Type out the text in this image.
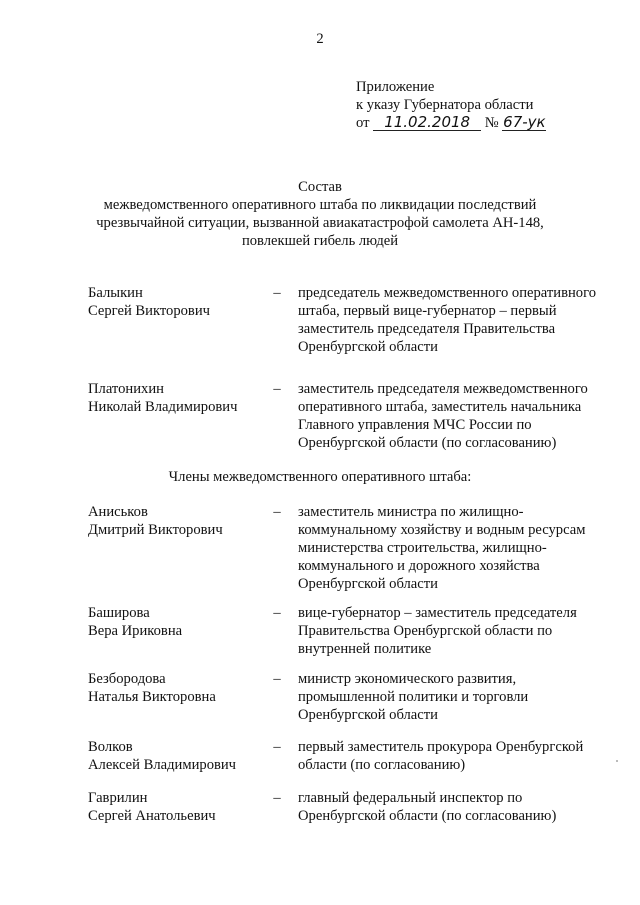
2
Приложение
к указу Губернатора области
от 11.02.2018 № 67-ук
Состав
межведомственного оперативного штаба по ликвидации последствий
чрезвычайной ситуации, вызванной авиакатастрофой самолета АН-148,
повлекшей гибель людей
Балыкин
Сергей Викторович
– председатель межведомственного оперативного штаба, первый вице-губернатор – первый заместитель председателя Правительства Оренбургской области
Платонихин
Николай Владимирович
– заместитель председателя межведомственного оперативного штаба, заместитель начальника Главного управления МЧС России по Оренбургской области (по согласованию)
Члены межведомственного оперативного штаба:
Аниськов
Дмитрий Викторович
– заместитель министра по жилищно-коммунальному хозяйству и водным ресурсам министерства строительства, жилищно-коммунального и дорожного хозяйства Оренбургской области
Баширова
Вера Ириковна
– вице-губернатор – заместитель председателя Правительства Оренбургской области по внутренней политике
Безбородова
Наталья Викторовна
– министр экономического развития, промышленной политики и торговли Оренбургской области
Волков
Алексей Владимирович
– первый заместитель прокурора Оренбургской области (по согласованию)
Гаврилин
Сергей Анатольевич
– главный федеральный инспектор по Оренбургской области (по согласованию)
